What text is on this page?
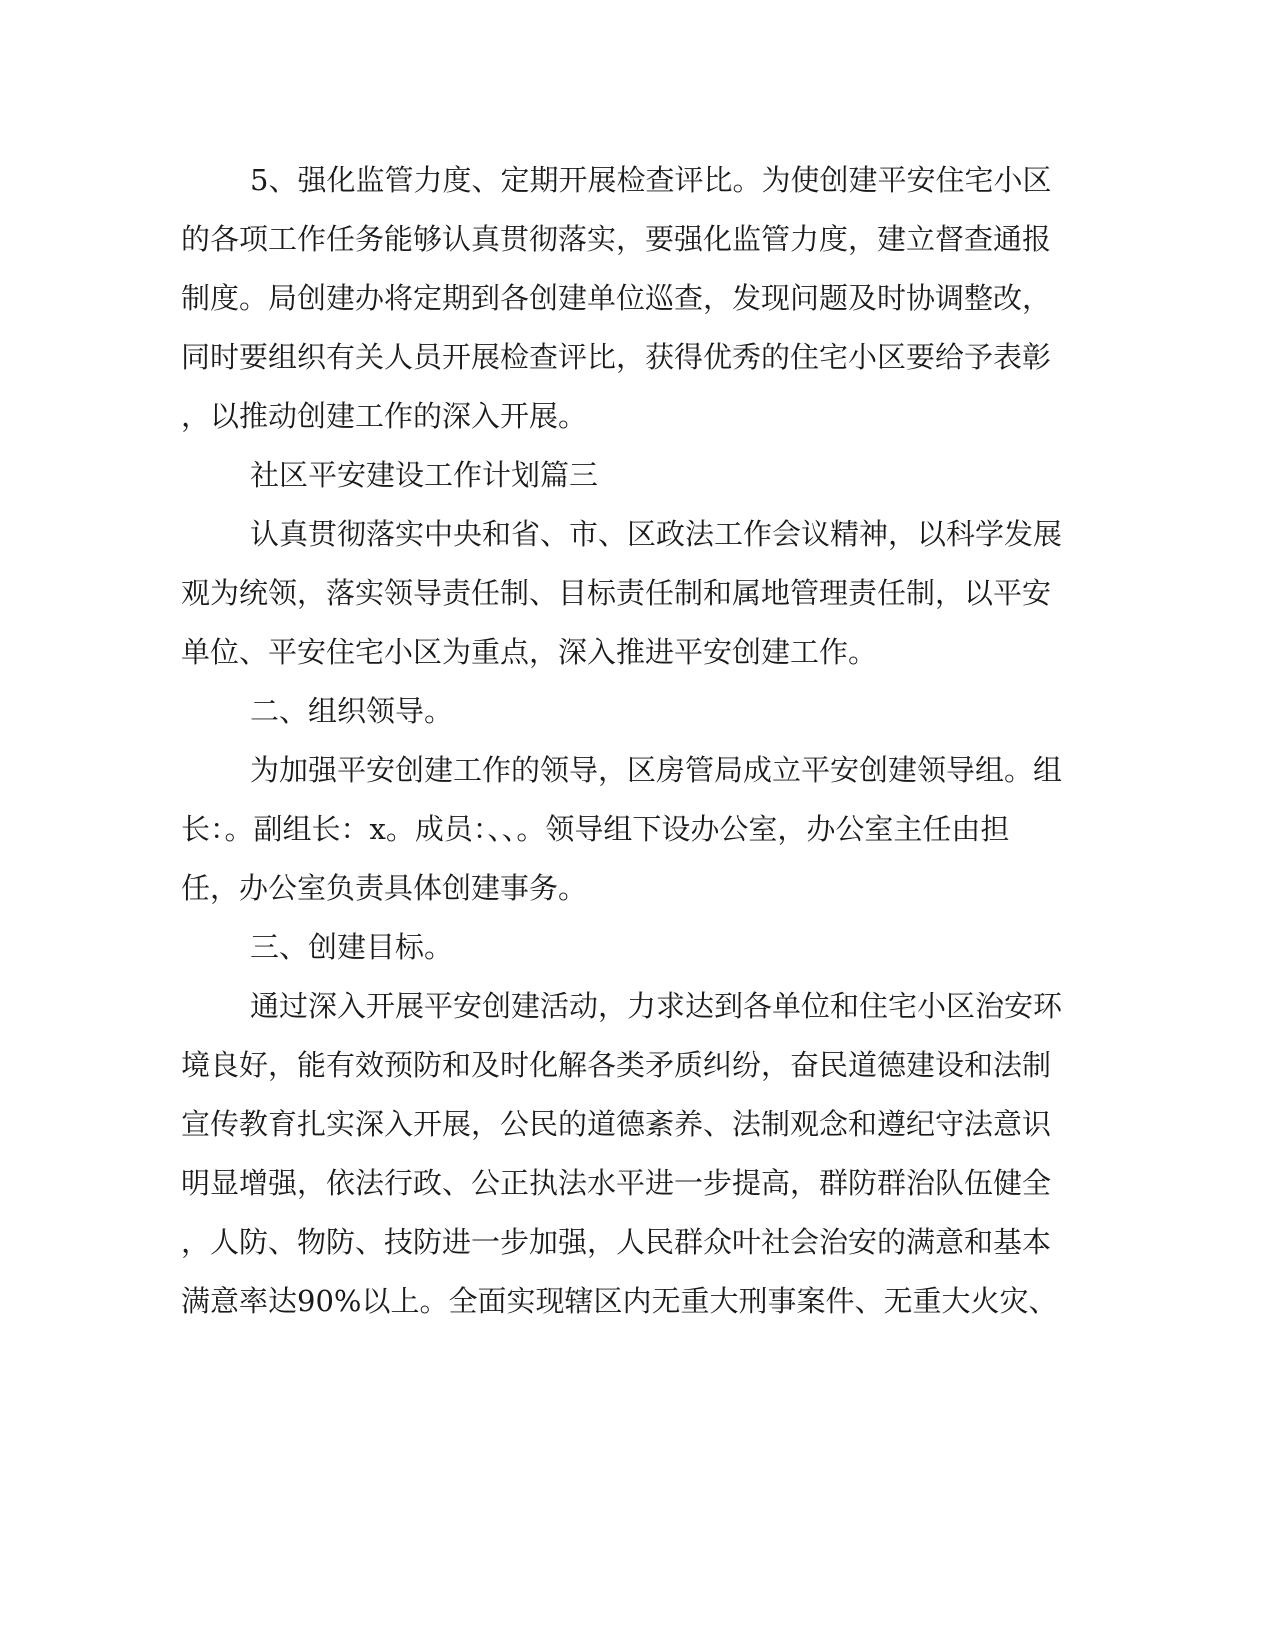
5、强化监管力度、定期开展检查评比。为使创建平安住宅小区

的各项工作任务能够认真贯彻落实，要强化监管力度，建立督查通报

制度。局创建办将定期到各创建单位巡查，发现问题及时协调整改，

同时要组织有关人员开展检查评比，获得优秀的住宅小区要给予表彰

，以推动创建工作的深入开展。

社区平安建设工作计划篇三

认真贯彻落实中央和省、市、区政法工作会议精神，以科学发展

观为统领，落实领导责任制、目标责任制和属地管理责任制，以平安

单位、平安住宅小区为重点，深入推进平安创建工作。

二、组织领导。

为加强平安创建工作的领导，区房管局成立平安创建领导组。组

长：。副组长：x。成员：、、。领导组下设办公室，办公室主任由担

任，办公室负责具体创建事务。

三、创建目标。

通过深入开展平安创建活动，力求达到各单位和住宅小区治安环

境良好，能有效预防和及时化解各类矛质纠纷，奋民道德建设和法制

宣传教育扎实深入开展，公民的道德紊养、法制观念和遵纪守法意识

明显增强，依法行政、公正执法水平进一步提高，群防群治队伍健全

，人防、物防、技防进一步加强，人民群众叶社会治安的满意和基本

满意率达90%以上。全面实现辖区内无重大刑事案件、无重大火灾、
